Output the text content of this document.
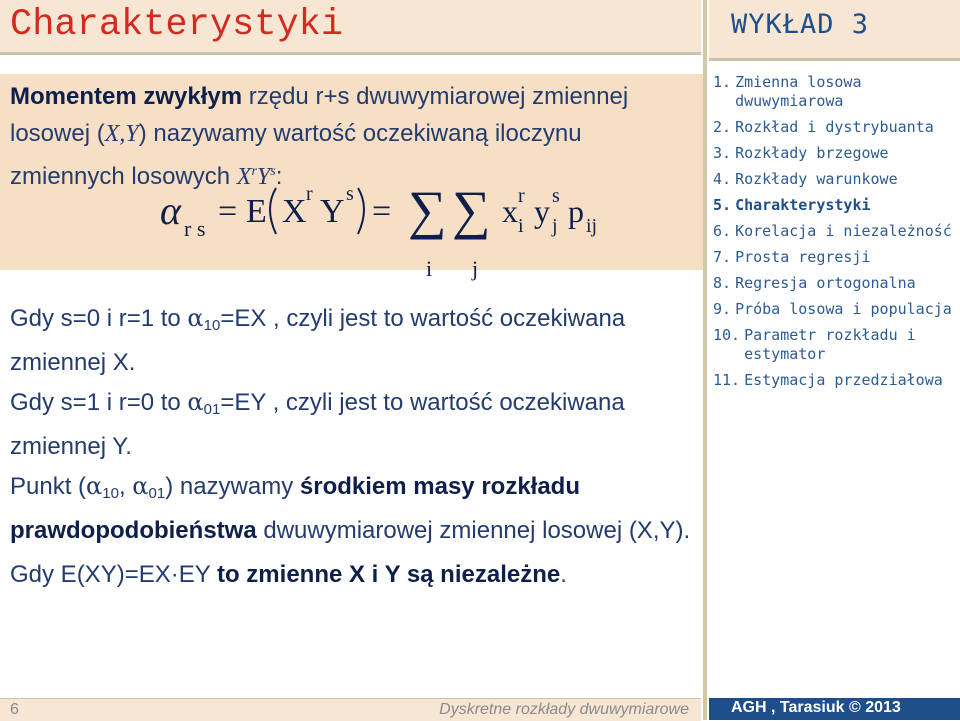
Charakterystyki	WYKŁAD 3
1. Zmienna losowa dwuwymiarowa
2. Rozkład i dystrybuanta
3. Rozkłady brzegowe
4. Rozkłady warunkowe
5. Charakterystyki
6. Korelacja i niezależność
7. Prosta regresji
8. Regresja ortogonalna
9. Próba losowa i populacja
10. Parametr rozkładu i estymator
11. Estymacja przedziałowa
Momentem zwykłym rzędu r+s dwuwymiarowej zmiennej losowej (X,Y) nazywamy wartość oczekiwaną iloczynu zmiennych losowych $X^rY^s$:
α r s = E X r Y s = ∑ ∑
i j
x r
i y s
j p ij
Gdy s=0 i r=1 to $\alpha_{10}=EX$ , czyli jest to wartość oczekiwana zmiennej X.
Gdy s=1 i r=0 to $\alpha_{01}=EY$ , czyli jest to wartość oczekiwana zmiennej Y.
Punkt ($\alpha_{10}$, $\alpha_{01}$) nazywamy środkiem masy rozkładu prawdopodobieństwa dwuwymiarowej zmiennej losowej (X,Y).
Gdy E(XY)=EX·EY to zmienne X i Y są niezależne.
6	Dyskretne rozkłady dwuwymiarowe	AGH , Tarasiuk © 2013
